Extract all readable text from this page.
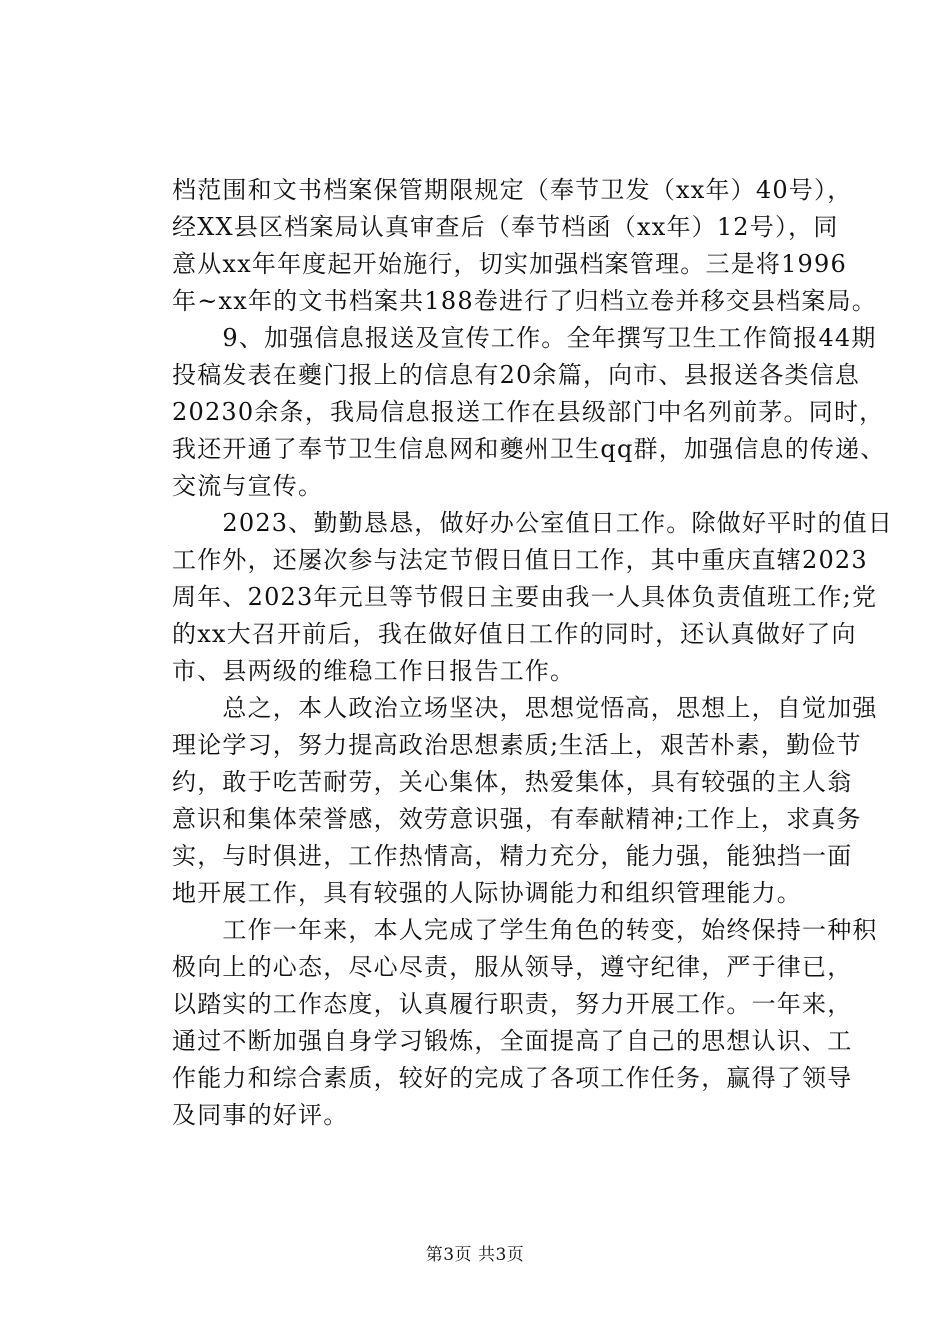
档范围和文书档案保管期限规定（奉节卫发（xx年）40号），
经XX县区档案局认真审查后（奉节档函（xx年）12号），同
意从xx年年度起开始施行，切实加强档案管理。三是将1996
年~xx年的文书档案共188卷进行了归档立卷并移交县档案局。
　　9、加强信息报送及宣传工作。全年撰写卫生工作简报44期
投稿发表在夔门报上的信息有20余篇，向市、县报送各类信息
20230余条，我局信息报送工作在县级部门中名列前茅。同时，
我还开通了奉节卫生信息网和夔州卫生qq群，加强信息的传递、
交流与宣传。
　　2023、勤勤恳恳，做好办公室值日工作。除做好平时的值日
工作外，还屡次参与法定节假日值日工作，其中重庆直辖2023
周年、2023年元旦等节假日主要由我一人具体负责值班工作;党
的xx大召开前后，我在做好值日工作的同时，还认真做好了向
市、县两级的维稳工作日报告工作。
　　总之，本人政治立场坚决，思想觉悟高，思想上，自觉加强
理论学习，努力提高政治思想素质;生活上，艰苦朴素，勤俭节
约，敢于吃苦耐劳，关心集体，热爱集体，具有较强的主人翁
意识和集体荣誉感，效劳意识强，有奉献精神;工作上，求真务
实，与时俱进，工作热情高，精力充分，能力强，能独挡一面
地开展工作，具有较强的人际协调能力和组织管理能力。
　　工作一年来，本人完成了学生角色的转变，始终保持一种积
极向上的心态，尽心尽责，服从领导，遵守纪律，严于律已，
以踏实的工作态度，认真履行职责，努力开展工作。一年来，
通过不断加强自身学习锻炼，全面提高了自己的思想认识、工
作能力和综合素质，较好的完成了各项工作任务，赢得了领导
及同事的好评。
第3页 共3页
